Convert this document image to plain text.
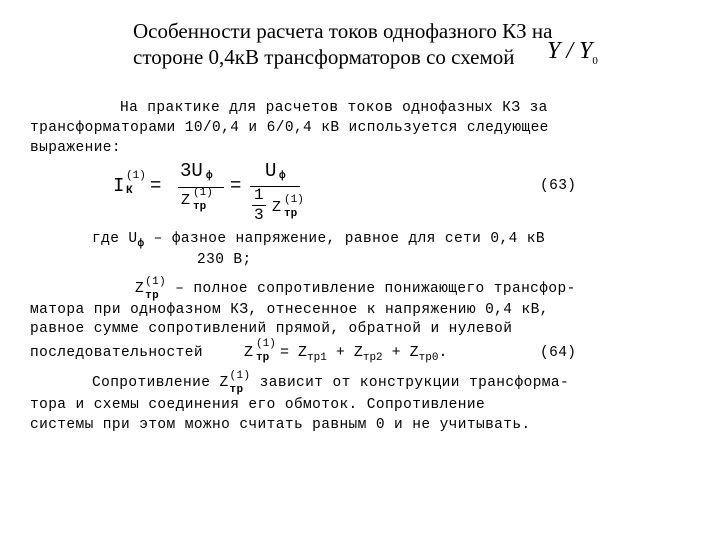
Особенности расчета токов однофазного КЗ на
стороне 0,4кВ трансформаторов со схемой	Y / $Y_0$
На практике для расчетов токов однофазных КЗ за
трансформаторами 10/0,4 и 6/0,4 кВ используется следующее
выражение:
I (1)
К =
3U ф
Z (1)
тр
=
U ф
1
3 Z (1)
тр
(63)
где $U_ф$ – фазное напряжение, равное для сети 0,4 кВ
230 В;
Z (1)
тр – полное сопротивление понижающего трансфор-
матора при однофазном КЗ, отнесенное к напряжению 0,4 кВ,
равное сумме сопротивлений прямой, обратной и нулевой
последовательностей	Z (1)
тр = $Z_{тр1} + Z_{тр2} + Z_{тр0}$.	(64)
Сопротивление Z (1)
тр зависит от конструкции трансформа-
тора и схемы соединения его обмоток. Сопротивление
системы при этом можно считать равным 0 и не учитывать.
